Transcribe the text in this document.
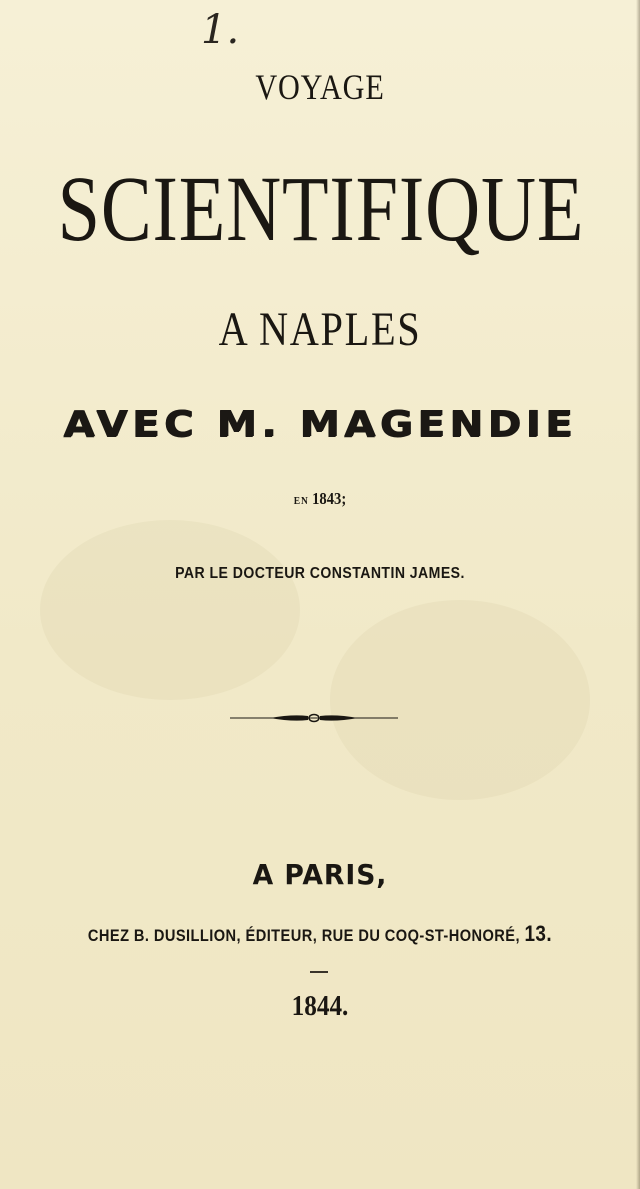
1.
VOYAGE
SCIENTIFIQUE
A NAPLES
AVEC M. MAGENDIE
EN 1843;
PAR LE DOCTEUR CONSTANTIN JAMES.
A PARIS,
CHEZ B. DUSILLION, ÉDITEUR, RUE DU COQ-ST-HONORÉ, 13.
1844.
